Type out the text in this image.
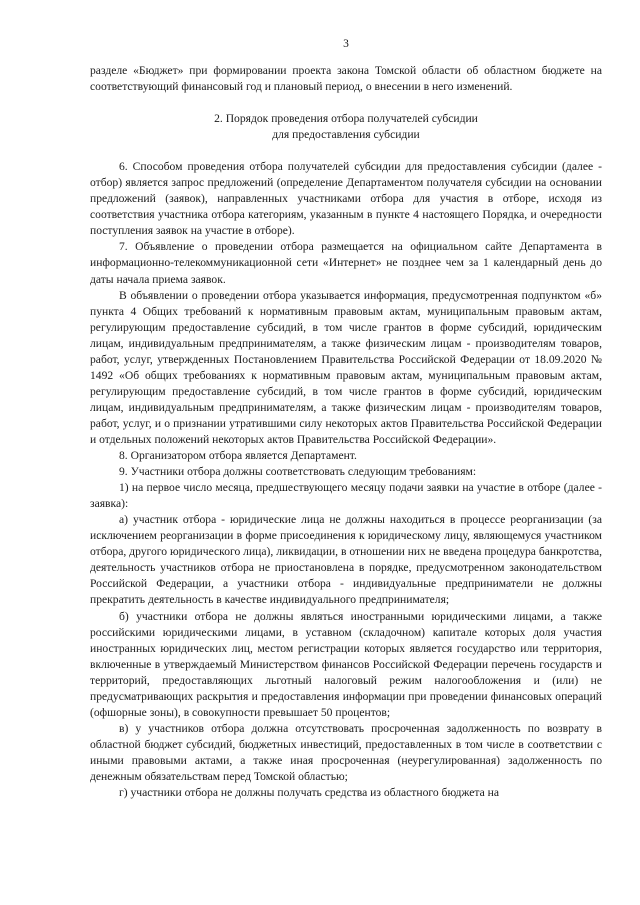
3

разделе «Бюджет» при формировании проекта закона Томской области об областном бюджете на соответствующий финансовый год и плановый период, о внесении в него изменений.

2. Порядок проведения отбора получателей субсидии
для предоставления субсидии

6. Способом проведения отбора получателей субсидии для предоставления субсидии (далее - отбор) является запрос предложений (определение Департаментом получателя субсидии на основании предложений (заявок), направленных участниками отбора для участия в отборе, исходя из соответствия участника отбора категориям, указанным в пункте 4 настоящего Порядка, и очередности поступления заявок на участие в отборе).

7. Объявление о проведении отбора размещается на официальном сайте Департамента в информационно-телекоммуникационной сети «Интернет» не позднее чем за 1 календарный день до даты начала приема заявок.

В объявлении о проведении отбора указывается информация, предусмотренная подпунктом «б» пункта 4 Общих требований к нормативным правовым актам, муниципальным правовым актам, регулирующим предоставление субсидий, в том числе грантов в форме субсидий, юридическим лицам, индивидуальным предпринимателям, а также физическим лицам - производителям товаров, работ, услуг, утвержденных Постановлением Правительства Российской Федерации от 18.09.2020 № 1492 «Об общих требованиях к нормативным правовым актам, муниципальным правовым актам, регулирующим предоставление субсидий, в том числе грантов в форме субсидий, юридическим лицам, индивидуальным предпринимателям, а также физическим лицам - производителям товаров, работ, услуг, и о признании утратившими силу некоторых актов Правительства Российской Федерации и отдельных положений некоторых актов Правительства Российской Федерации».

8. Организатором отбора является Департамент.

9. Участники отбора должны соответствовать следующим требованиям:

1) на первое число месяца, предшествующего месяцу подачи заявки на участие в отборе (далее - заявка):

а) участник отбора - юридические лица не должны находиться в процессе реорганизации (за исключением реорганизации в форме присоединения к юридическому лицу, являющемуся участником отбора, другого юридического лица), ликвидации, в отношении них не введена процедура банкротства, деятельность участников отбора не приостановлена в порядке, предусмотренном законодательством Российской Федерации, а участники отбора - индивидуальные предприниматели не должны прекратить деятельность в качестве индивидуального предпринимателя;

б) участники отбора не должны являться иностранными юридическими лицами, а также российскими юридическими лицами, в уставном (складочном) капитале которых доля участия иностранных юридических лиц, местом регистрации которых является государство или территория, включенные в утверждаемый Министерством финансов Российской Федерации перечень государств и территорий, предоставляющих льготный налоговый режим налогообложения и (или) не предусматривающих раскрытия и предоставления информации при проведении финансовых операций (офшорные зоны), в совокупности превышает 50 процентов;

в) у участников отбора должна отсутствовать просроченная задолженность по возврату в областной бюджет субсидий, бюджетных инвестиций, предоставленных в том числе в соответствии с иными правовыми актами, а также иная просроченная (неурегулированная) задолженность по денежным обязательствам перед Томской областью;

г) участники отбора не должны получать средства из областного бюджета на
